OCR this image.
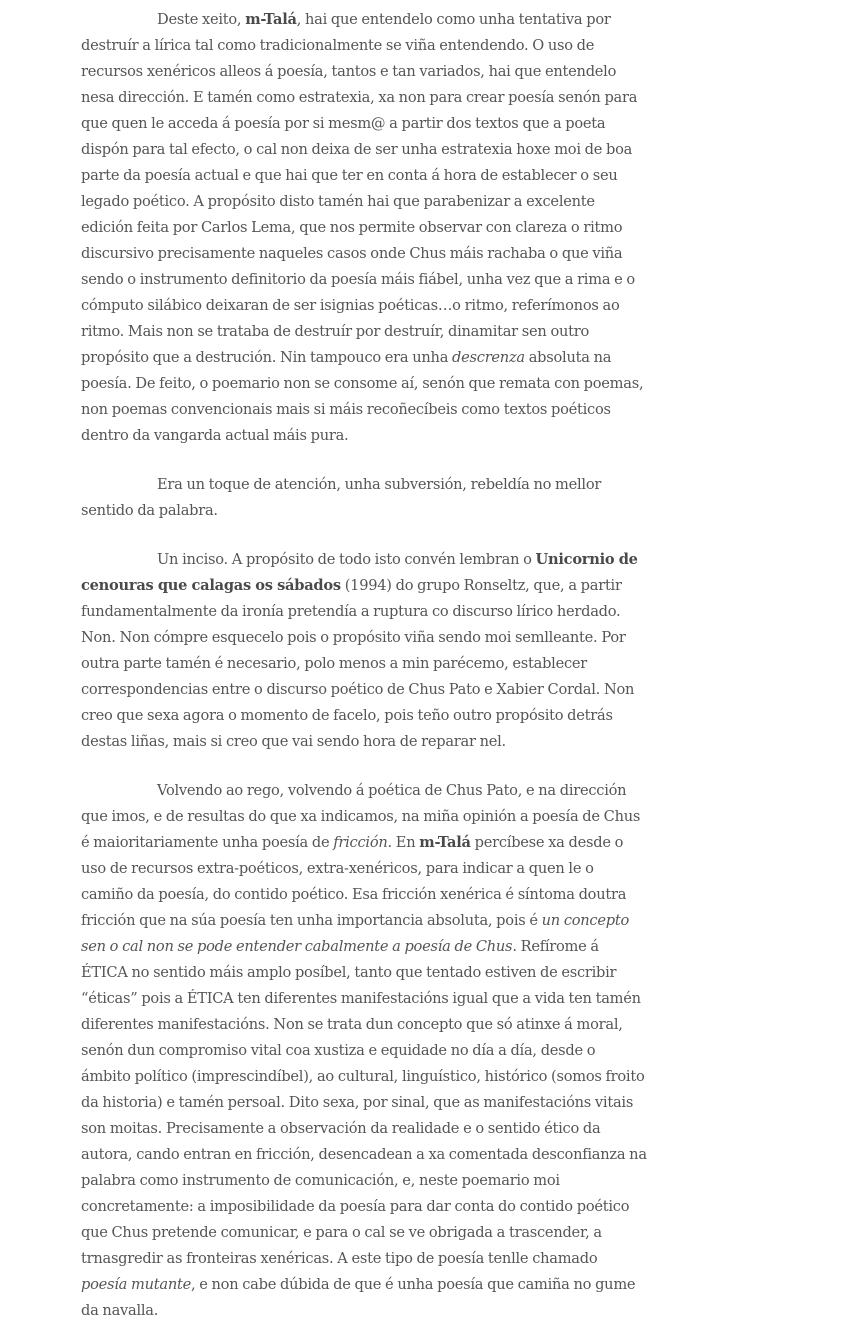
Deste xeito, m-Talá, hai que entendelo como unha tentativa por destruír a lírica tal como tradicionalmente se viña entendendo. O uso de recursos xenéricos alleos á poesía, tantos e tan variados, hai que entendelo nesa dirección. E tamén como estratexia, xa non para crear poesía senón para que quen le acceda á poesía por si mesm@ a partir dos textos que a poeta dispón para tal efecto, o cal non deixa de ser unha estratexia hoxe moi de boa parte da poesía actual e que hai que ter en conta á hora de establecer o seu legado poético. A propósito disto tamén hai que parabenizar a excelente edición feita por Carlos Lema, que nos permite observar con clareza o ritmo discursivo precisamente naqueles casos onde Chus máis rachaba o que viña sendo o instrumento definitorio da poesía máis fiábel, unha vez que a rima e o cómputo silábico deixaran de ser isignias poéticas…o ritmo, referímonos ao ritmo. Mais non se trataba de destruír por destruír, dinamitar sen outro propósito que a destrución. Nin tampouco era unha descrenza absoluta na poesía. De feito, o poemario non se consome aí, senón que remata con poemas, non poemas convencionais mais si máis recoñecíbeis como textos poéticos dentro da vangarda actual máis pura.

Era un toque de atención, unha subversión, rebeldía no mellor sentido da palabra.

Un inciso. A propósito de todo isto convén lembran o Unicornio de cenouras que calagas os sábados (1994) do grupo Ronseltz, que, a partir fundamentalmente da ironía pretendía a ruptura co discurso lírico herdado. Non. Non cómpre esquecelo pois o propósito viña sendo moi semlleante. Por outra parte tamén é necesario, polo menos a min parécemo, establecer correspondencias entre o discurso poético de Chus Pato e Xabier Cordal. Non creo que sexa agora o momento de facelo, pois teño outro propósito detrás destas liñas, mais si creo que vai sendo hora de reparar nel.

Volvendo ao rego, volvendo á poética de Chus Pato, e na dirección que imos, e de resultas do que xa indicamos, na miña opinión a poesía de Chus é maioritariamente unha poesía de fricción. En m-Talá percíbese xa desde o uso de recursos extra-poéticos, extra-xenéricos, para indicar a quen le o camiño da poesía, do contido poético. Esa fricción xenérica é síntoma doutra fricción que na súa poesía ten unha importancia absoluta, pois é un concepto sen o cal non se pode entender cabalmente a poesía de Chus. Refírome á ÉTICA no sentido máis amplo posíbel, tanto que tentado estiven de escribir “éticas” pois a ÉTICA ten diferentes manifestacións igual que a vida ten tamén diferentes manifestacións. Non se trata dun concepto que só atinxe á moral, senón dun compromiso vital coa xustiza e equidade no día a día, desde o ámbito político (imprescindíbel), ao cultural, linguístico, histórico (somos froito da historia) e tamén persoal. Dito sexa, por sinal, que as manifestacións vitais son moitas. Precisamente a observación da realidade e o sentido ético da autora, cando entran en fricción, desencadean a xa comentada desconfianza na palabra como instrumento de comunicación, e, neste poemario moi concretamente: a imposibilidade da poesía para dar conta do contido poético que Chus pretende comunicar, e para o cal se ve obrigada a trascender, a trnasgredir as fronteiras xenéricas. A este tipo de poesía tenlle chamado poesía mutante, e non cabe dúbida de que é unha poesía que camiña no gume da navalla.
